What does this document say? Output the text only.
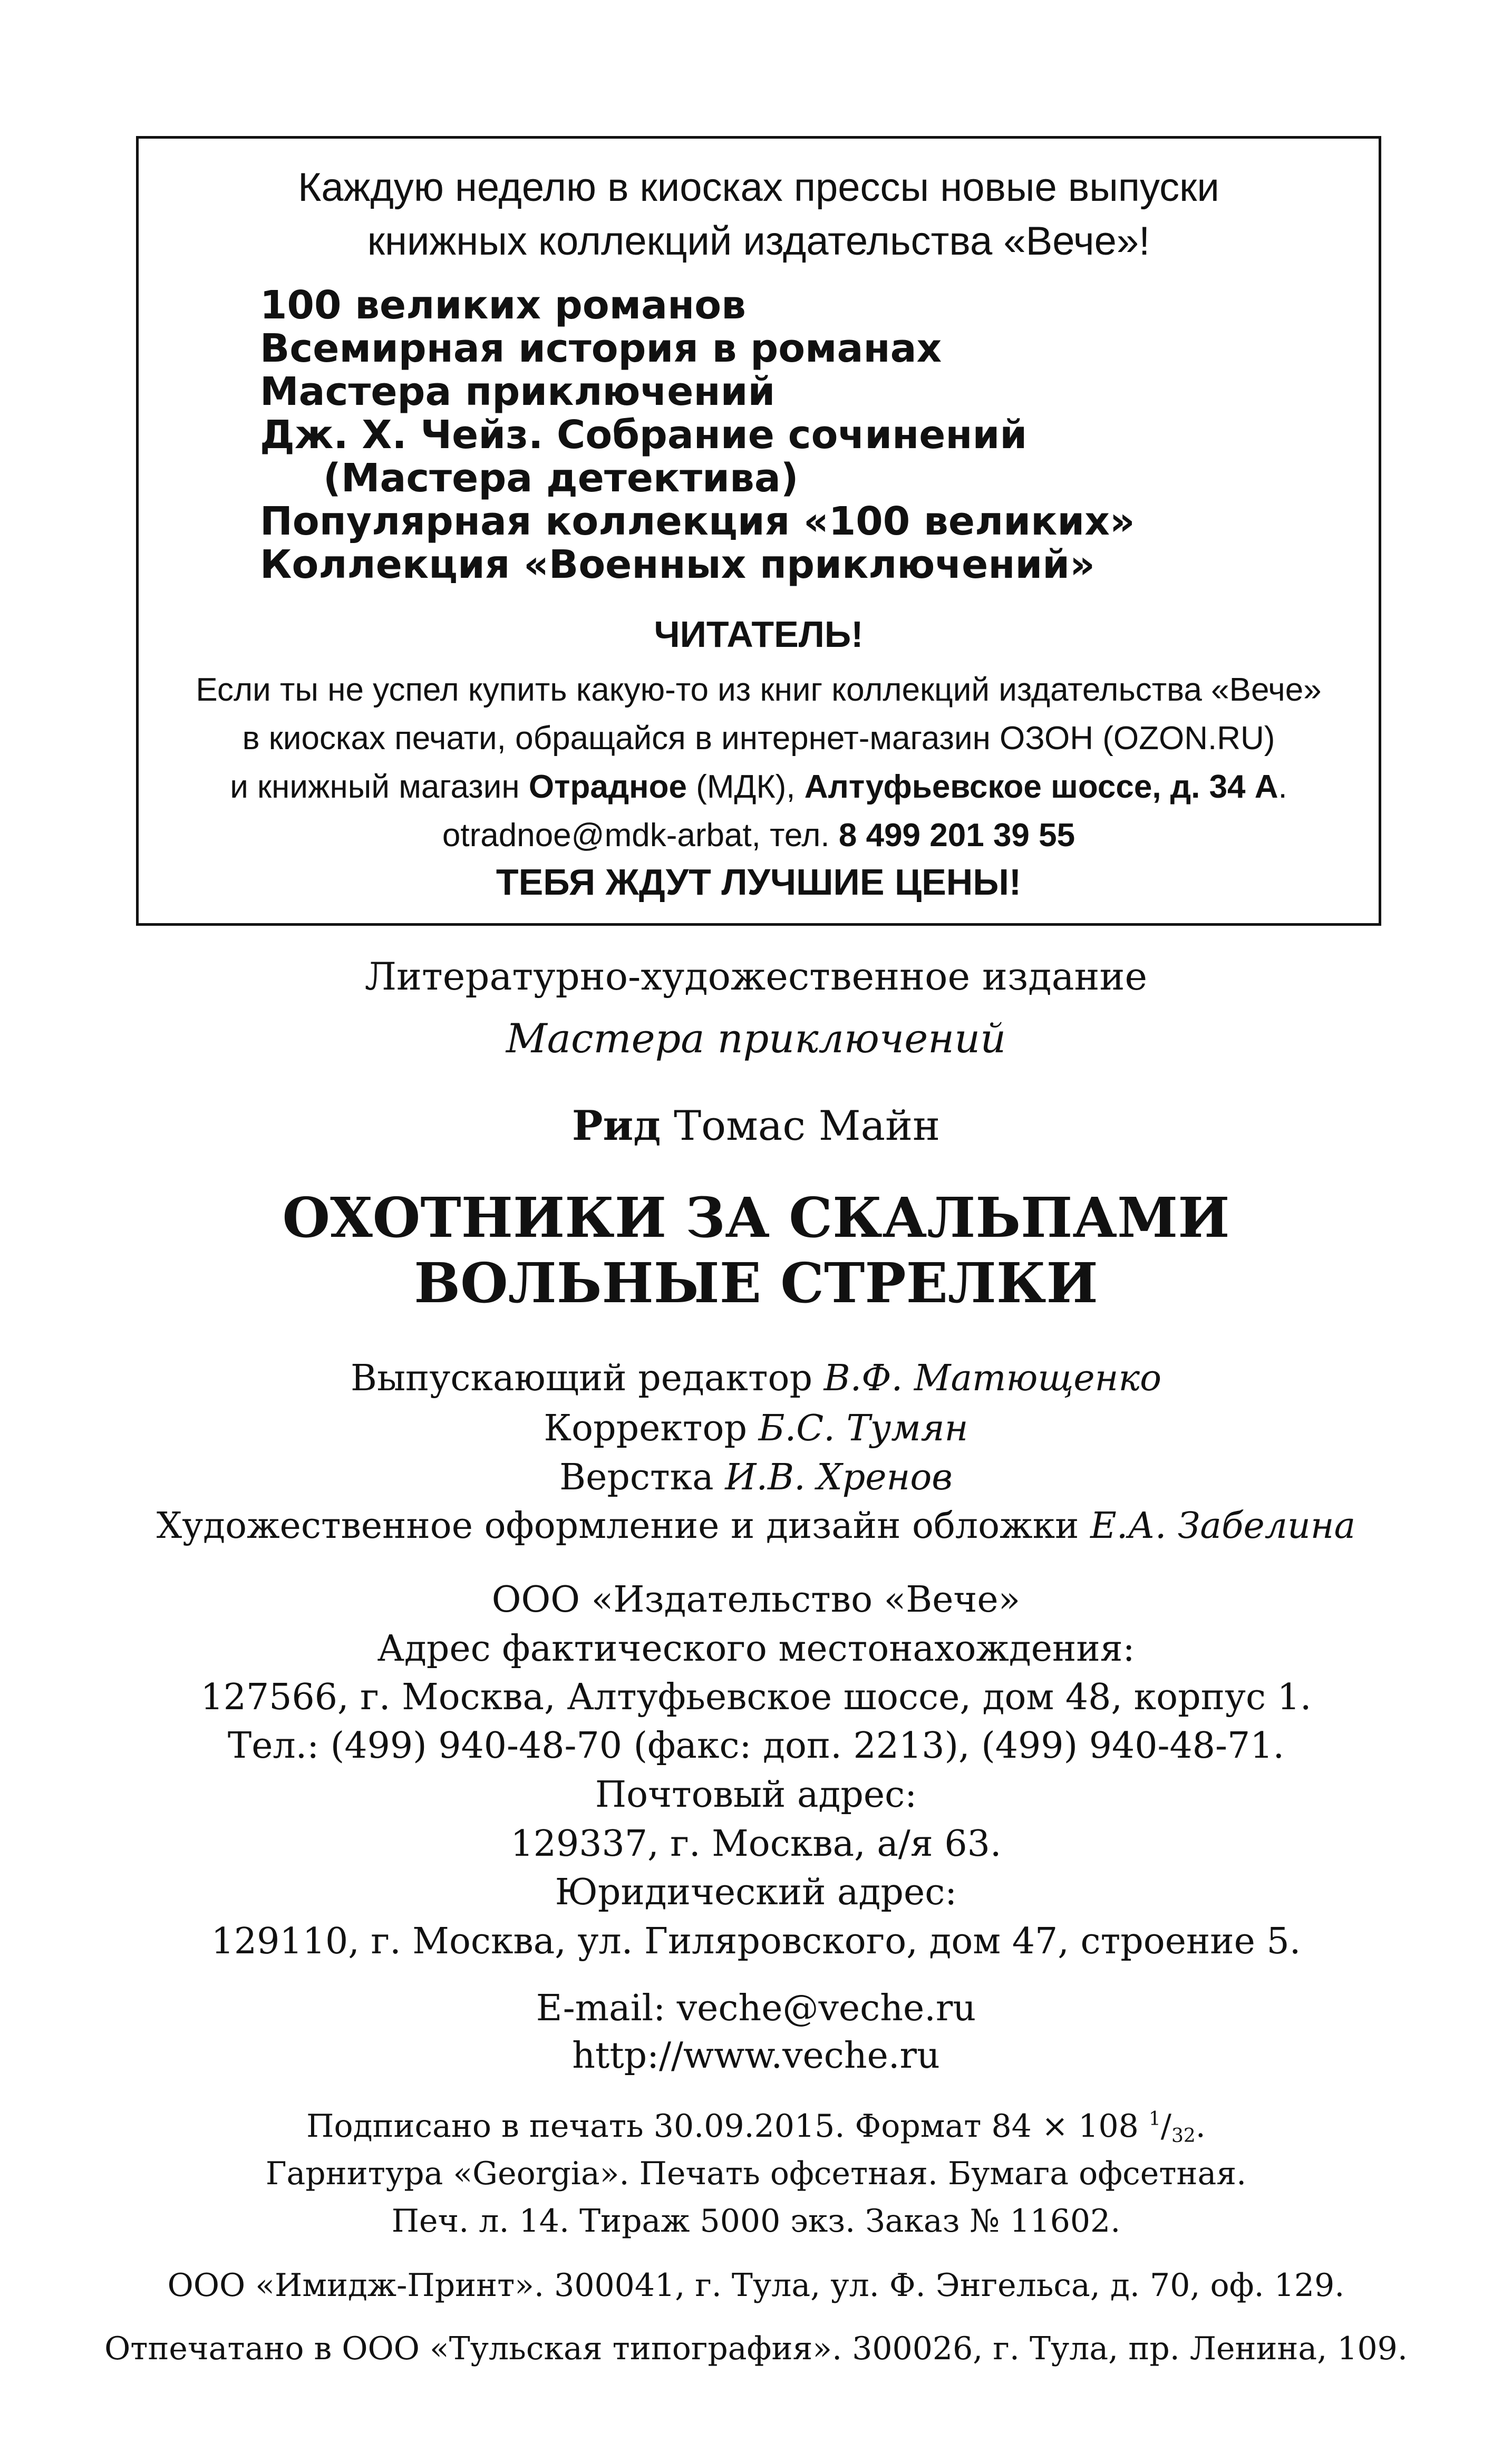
Каждую неделю в киосках прессы новые выпуски
книжных коллекций издательства «Вече»!
100 великих романов
Всемирная история в романах
Мастера приключений
Дж. Х. Чейз. Собрание сочинений
(Мастера детектива)
Популярная коллекция «100 великих»
Коллекция «Военных приключений»
ЧИТАТЕЛЬ!
Если ты не успел купить какую-то из книг коллекций издательства «Вече»
в киосках печати, обращайся в интернет-магазин ОЗОН (OZON.RU)
и книжный магазин Отрадное (МДК), Алтуфьевское шоссе, д. 34 А.
otradnoe@mdk-arbat, тел. 8 499 201 39 55
ТЕБЯ ЖДУТ ЛУЧШИЕ ЦЕНЫ!
Литературно-художественное издание
Мастера приключений
Рид Томас Майн
ОХОТНИКИ ЗА СКАЛЬПАМИ
ВОЛЬНЫЕ СТРЕЛКИ
Выпускающий редактор В.Ф. Матющенко
Корректор Б.С. Тумян
Верстка И.В. Хренов
Художественное оформление и дизайн обложки Е.А. Забелина
ООО «Издательство «Вече»
Адрес фактического местонахождения:
127566, г. Москва, Алтуфьевское шоссе, дом 48, корпус 1.
Тел.: (499) 940-48-70 (факс: доп. 2213), (499) 940-48-71.
Почтовый адрес:
129337, г. Москва, а/я 63.
Юридический адрес:
129110, г. Москва, ул. Гиляровского, дом 47, строение 5.
E-mail: veche@veche.ru
http://www.veche.ru
Подписано в печать 30.09.2015. Формат 84 × 108 $^1/_{32}$.
Гарнитура «Georgia». Печать офсетная. Бумага офсетная.
Печ. л. 14. Тираж 5000 экз. Заказ № 11602.
ООО «Имидж-Принт». 300041, г. Тула, ул. Ф. Энгельса, д. 70, оф. 129.
Отпечатано в ООО «Тульская типография». 300026, г. Тула, пр. Ленина, 109.
